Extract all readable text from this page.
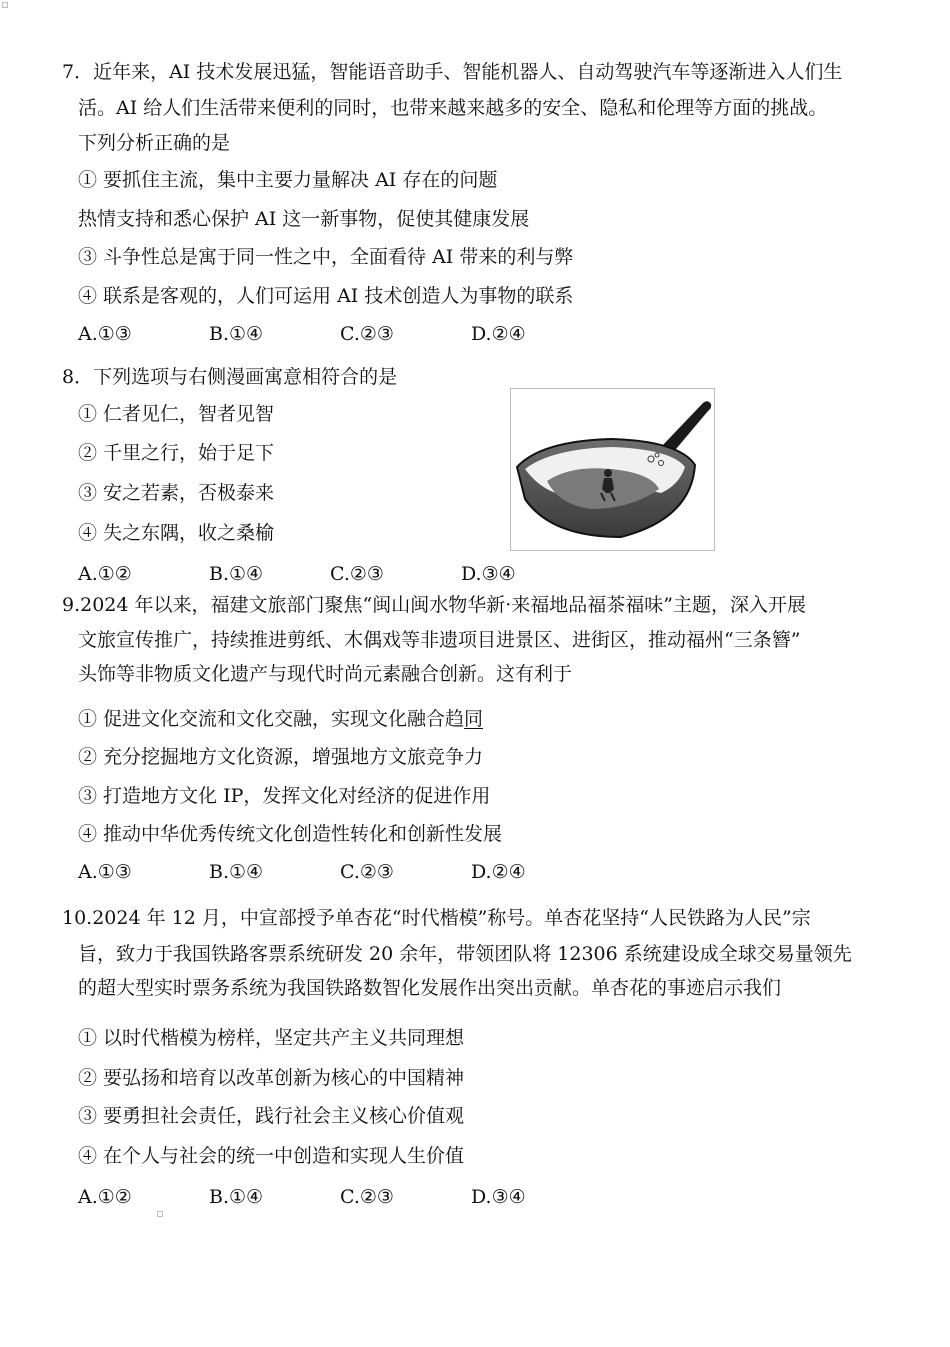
7．近年来，AI 技术发展迅猛，智能语音助手、智能机器人、自动驾驶汽车等逐渐进入人们生
活。AI 给人们生活带来便利的同时，也带来越来越多的安全、隐私和伦理等方面的挑战。
下列分析正确的是
① 要抓住主流，集中主要力量解决 AI 存在的问题
热情支持和悉心保护 AI 这一新事物，促使其健康发展
③ 斗争性总是寓于同一性之中，全面看待 AI 带来的利与弊
④ 联系是客观的，人们可运用 AI 技术创造人为事物的联系
A.①③	B.①④	C.②③	D.②④
8．下列选项与右侧漫画寓意相符合的是
① 仁者见仁，智者见智
② 千里之行，始于足下
③ 安之若素，否极泰来
④ 失之东隅，收之桑榆
A.①②	B.①④	C.②③	D.③④
9.2024 年以来，福建文旅部门聚焦“闽山闽水物华新·来福地品福茶福味”主题，深入开展
文旅宣传推广，持续推进剪纸、木偶戏等非遗项目进景区、进街区，推动福州“三条簪”
头饰等非物质文化遗产与现代时尚元素融合创新。这有利于
① 促进文化交流和文化交融，实现文化融合趋同
② 充分挖掘地方文化资源，增强地方文旅竞争力
③ 打造地方文化 IP，发挥文化对经济的促进作用
④ 推动中华优秀传统文化创造性转化和创新性发展
A.①③	B.①④	C.②③	D.②④
10.2024 年 12 月，中宣部授予单杏花“时代楷模”称号。单杏花坚持“人民铁路为人民”宗
旨，致力于我国铁路客票系统研发 20 余年，带领团队将 12306 系统建设成全球交易量领先
的超大型实时票务系统为我国铁路数智化发展作出突出贡献。单杏花的事迹启示我们
① 以时代楷模为榜样，坚定共产主义共同理想
② 要弘扬和培育以改革创新为核心的中国精神
③ 要勇担社会责任，践行社会主义核心价值观
④ 在个人与社会的统一中创造和实现人生价值
A.①②	B.①④	C.②③	D.③④
